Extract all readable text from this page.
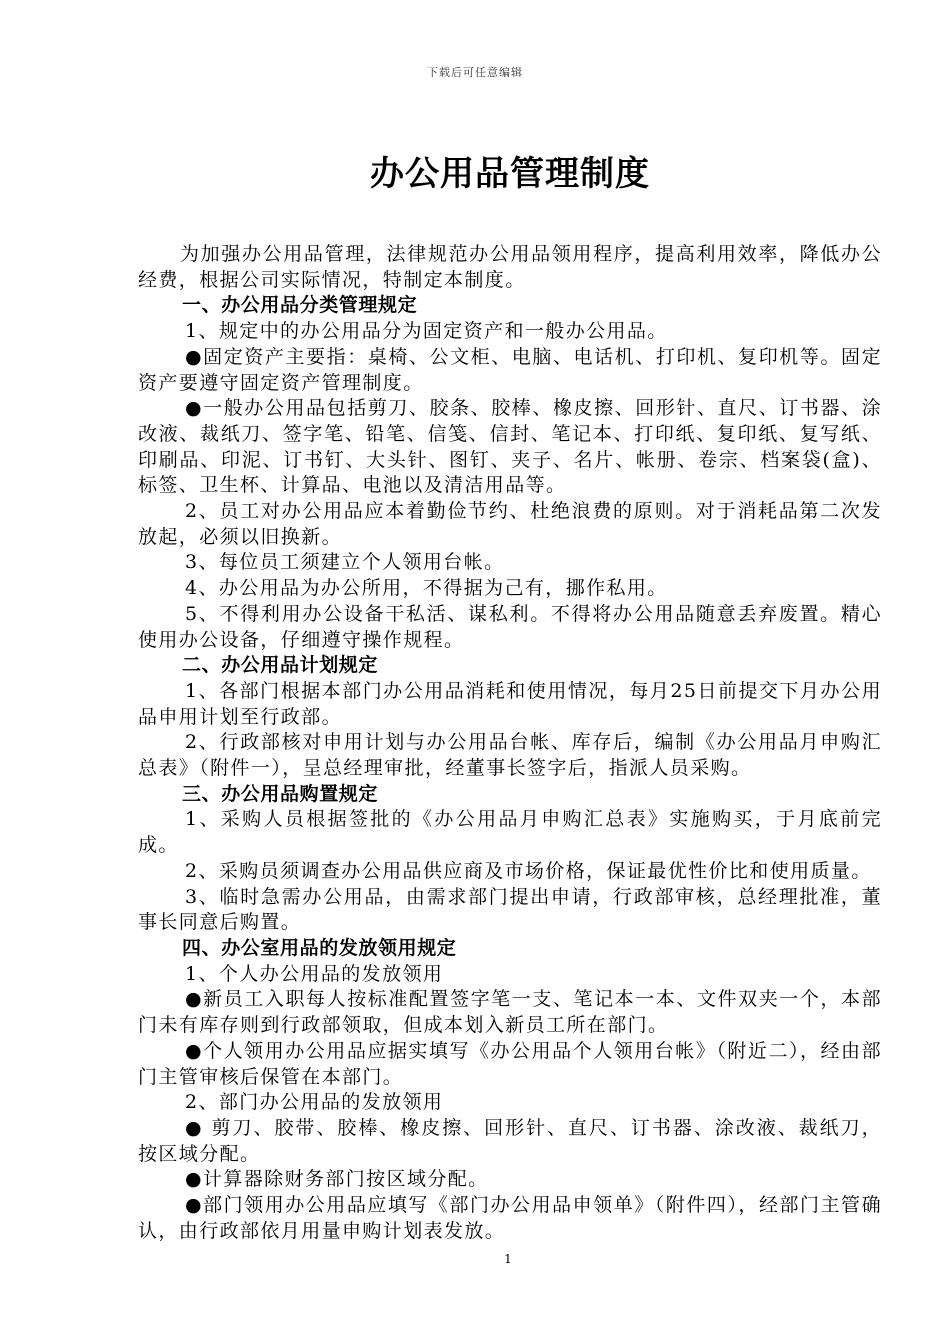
下载后可任意编辑
办公用品管理制度

为加强办公用品管理，法律规范办公用品领用程序，提高利用效率，降低办公经费，根据公司实际情况，特制定本制度。

一、办公用品分类管理规定

1、规定中的办公用品分为固定资产和一般办公用品。

●固定资产主要指：桌椅、公文柜、电脑、电话机、打印机、复印机等。固定资产要遵守固定资产管理制度。

●一般办公用品包括剪刀、胶条、胶棒、橡皮擦、回形针、直尺、订书器、涂改液、裁纸刀、签字笔、铅笔、信笺、信封、笔记本、打印纸、复印纸、复写纸、印刷品、印泥、订书钉、大头针、图钉、夹子、名片、帐册、卷宗、档案袋(盒)、标签、卫生杯、计算品、电池以及清洁用品等。

2、员工对办公用品应本着勤俭节约、杜绝浪费的原则。对于消耗品第二次发放起，必须以旧换新。

3、每位员工须建立个人领用台帐。

4、办公用品为办公所用，不得据为己有，挪作私用。

5、不得利用办公设备干私活、谋私利。不得将办公用品随意丢弃废置。精心使用办公设备，仔细遵守操作规程。

二、办公用品计划规定

1、各部门根据本部门办公用品消耗和使用情况，每月25日前提交下月办公用品申用计划至行政部。

2、行政部核对申用计划与办公用品台帐、库存后，编制《办公用品月申购汇总表》（附件一），呈总经理审批，经董事长签字后，指派人员采购。

三、办公用品购置规定

1、采购人员根据签批的《办公用品月申购汇总表》实施购买，于月底前完成。

2、采购员须调查办公用品供应商及市场价格，保证最优性价比和使用质量。

3、临时急需办公用品，由需求部门提出申请，行政部审核，总经理批准，董事长同意后购置。

四、办公室用品的发放领用规定

1、个人办公用品的发放领用

●新员工入职每人按标准配置签字笔一支、笔记本一本、文件双夹一个，本部门未有库存则到行政部领取，但成本划入新员工所在部门。

●个人领用办公用品应据实填写《办公用品个人领用台帐》（附近二），经由部门主管审核后保管在本部门。

2、部门办公用品的发放领用

● 剪刀、胶带、胶棒、橡皮擦、回形针、直尺、订书器、涂改液、裁纸刀，按区域分配。

●计算器除财务部门按区域分配。

●部门领用办公用品应填写《部门办公用品申领单》（附件四），经部门主管确认，由行政部依月用量申购计划表发放。

1
